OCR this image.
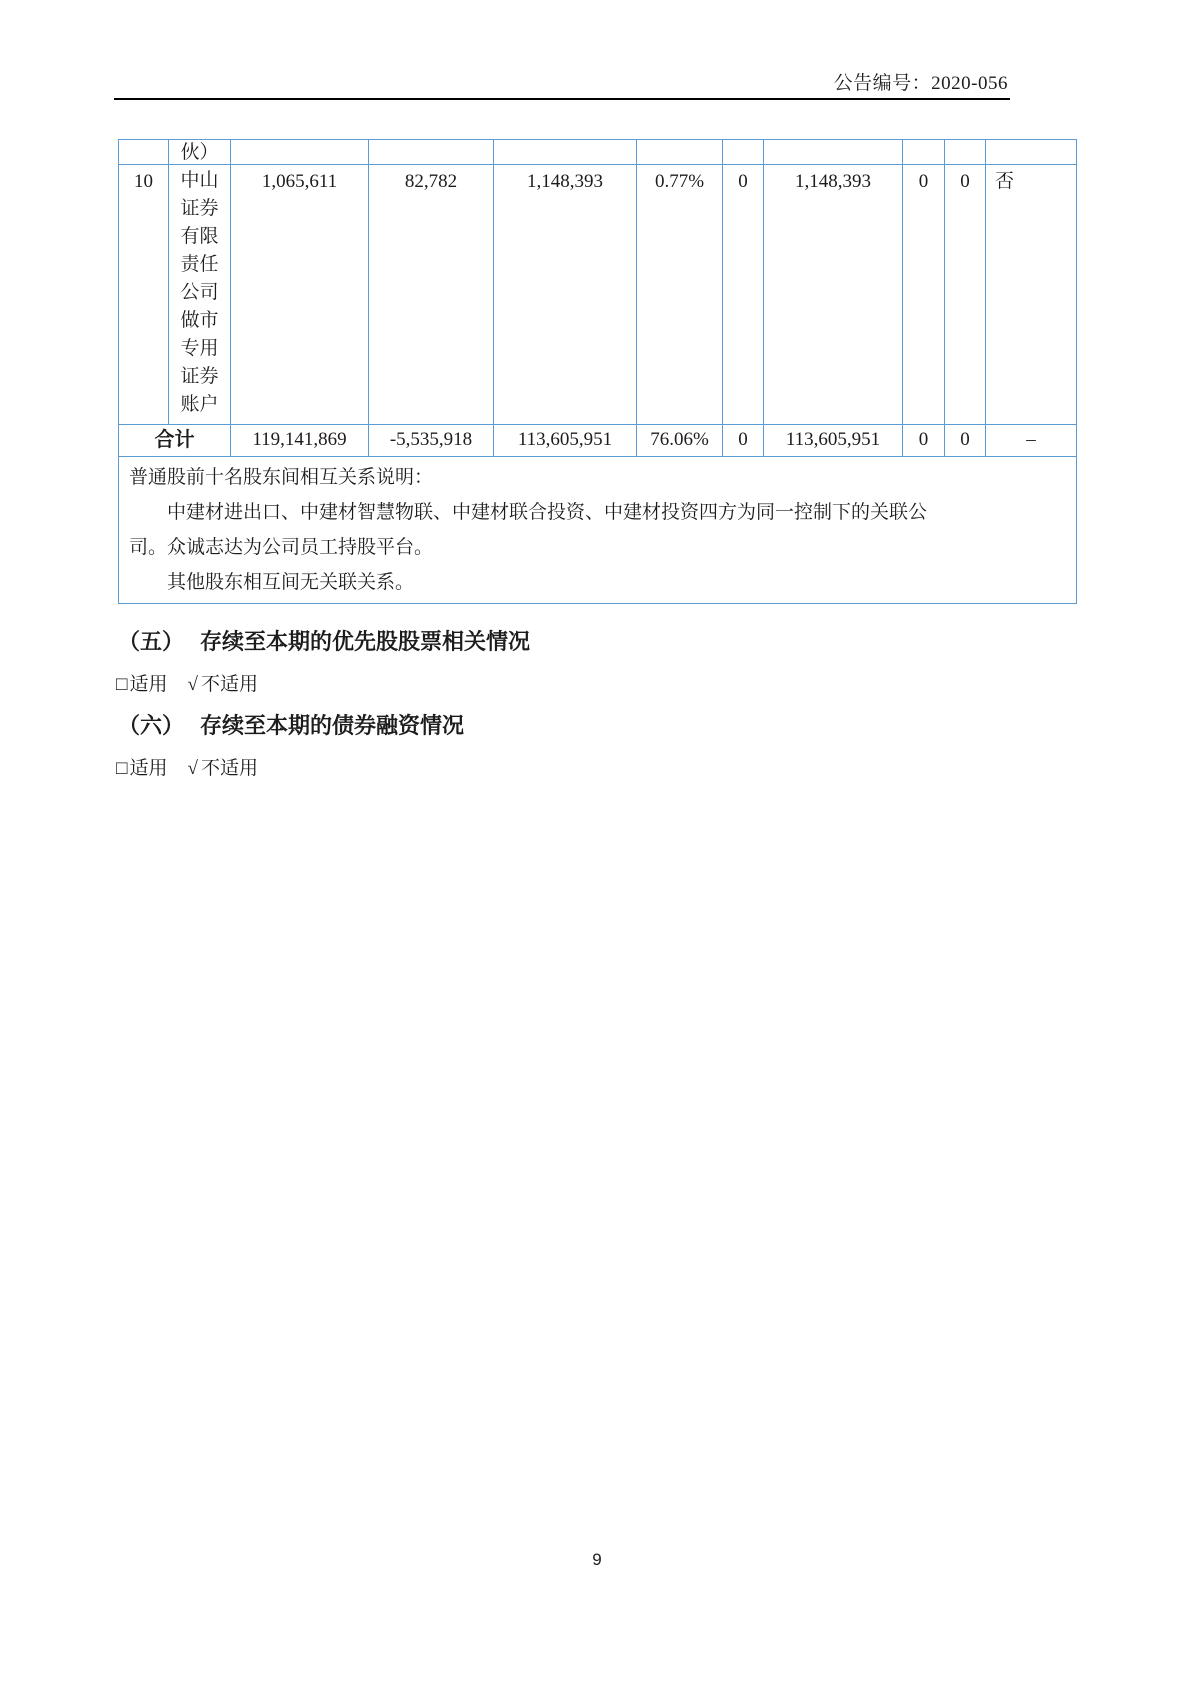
公告编号：2020-056
	伙）									
10	中山证券有限责任公司做市专用证券账户	1,065,611	82,782	1,148,393	0.77%	0	1,148,393	0	0	否
合计		119,141,869	-5,535,918	113,605,951	76.06%	0	113,605,951	0	0	–

普通股前十名股东间相互关系说明：
中建材进出口、中建材智慧物联、中建材联合投资、中建材投资四方为同一控制下的关联公
司。众诚志达为公司员工持股平台。
其他股东相互间无关联关系。										
（五） 存续至本期的优先股股票相关情况
□ 适用 √ 不适用
（六） 存续至本期的债券融资情况
□ 适用 √ 不适用
9
